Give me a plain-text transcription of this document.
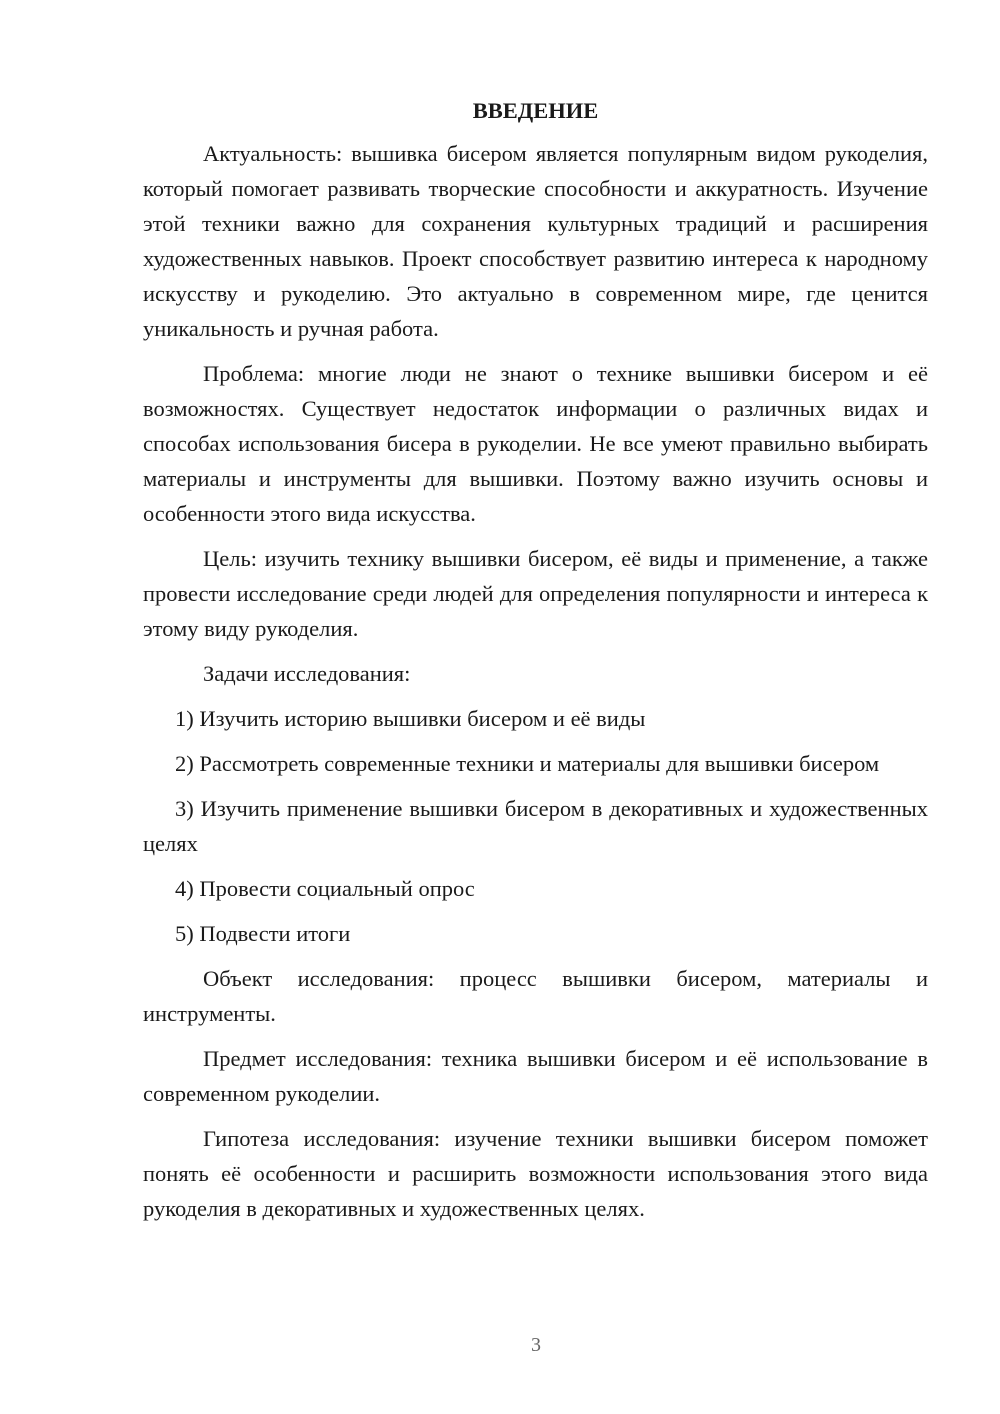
ВВЕДЕНИЕ

Актуальность: вышивка бисером является популярным видом рукоделия, который помогает развивать творческие способности и аккуратность. Изучение этой техники важно для сохранения культурных традиций и расширения художественных навыков. Проект способствует развитию интереса к народному искусству и рукоделию. Это актуально в современном мире, где ценится уникальность и ручная работа.

Проблема: многие люди не знают о технике вышивки бисером и её возможностях. Существует недостаток информации о различных видах и способах использования бисера в рукоделии. Не все умеют правильно выбирать материалы и инструменты для вышивки. Поэтому важно изучить основы и особенности этого вида искусства.

Цель: изучить технику вышивки бисером, её виды и применение, а также провести исследование среди людей для определения популярности и интереса к этому виду рукоделия.

Задачи исследования:

1) Изучить историю вышивки бисером и её виды

2) Рассмотреть современные техники и материалы для вышивки бисером

3) Изучить применение вышивки бисером в декоративных и художественных целях

4) Провести социальный опрос

5) Подвести итоги

Объект исследования: процесс вышивки бисером, материалы и инструменты.

Предмет исследования: техника вышивки бисером и её использование в современном рукоделии.

Гипотеза исследования: изучение техники вышивки бисером поможет понять её особенности и расширить возможности использования этого вида рукоделия в декоративных и художественных целях.

3
